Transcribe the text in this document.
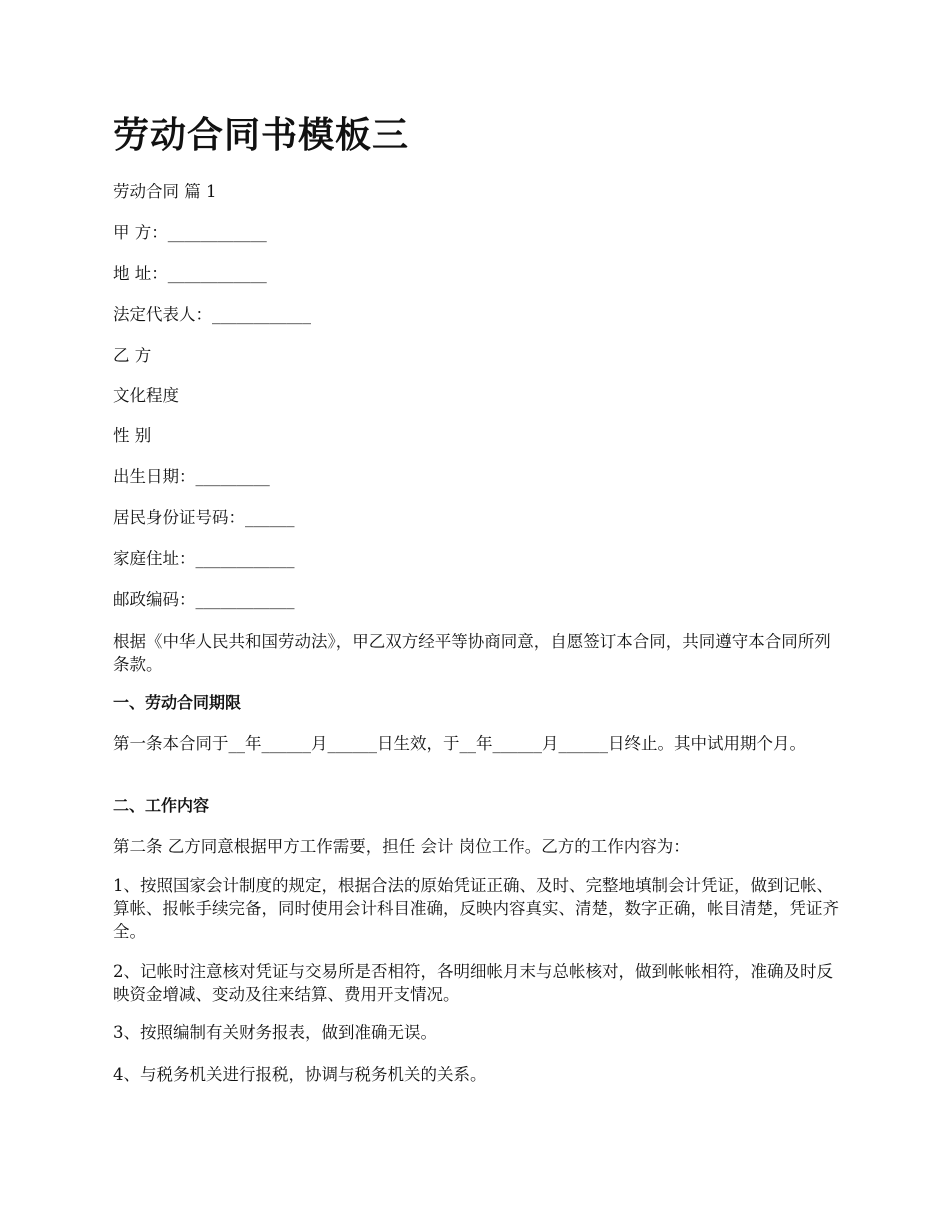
劳动合同书模板三

劳动合同 篇 1

甲 方：____________

地 址：____________

法定代表人：____________

乙 方

文化程度

性 别

出生日期：_________

居民身份证号码：______

家庭住址：____________

邮政编码：____________

根据《中华人民共和国劳动法》，甲乙双方经平等协商同意，自愿签订本合同，共同遵守本合同所列条款。

一、劳动合同期限

第一条本合同于__年______月______日生效，于__年______月______日终止。其中试用期个月。

二、工作内容

第二条 乙方同意根据甲方工作需要，担任 会计 岗位工作。乙方的工作内容为：

1、按照国家会计制度的规定，根据合法的原始凭证正确、及时、完整地填制会计凭证，做到记帐、算帐、报帐手续完备，同时使用会计科目准确，反映内容真实、清楚，数字正确，帐目清楚，凭证齐全。

2、记帐时注意核对凭证与交易所是否相符，各明细帐月末与总帐核对，做到帐帐相符，准确及时反映资金增减、变动及往来结算、费用开支情况。

3、按照编制有关财务报表，做到准确无误。

4、与税务机关进行报税，协调与税务机关的关系。
